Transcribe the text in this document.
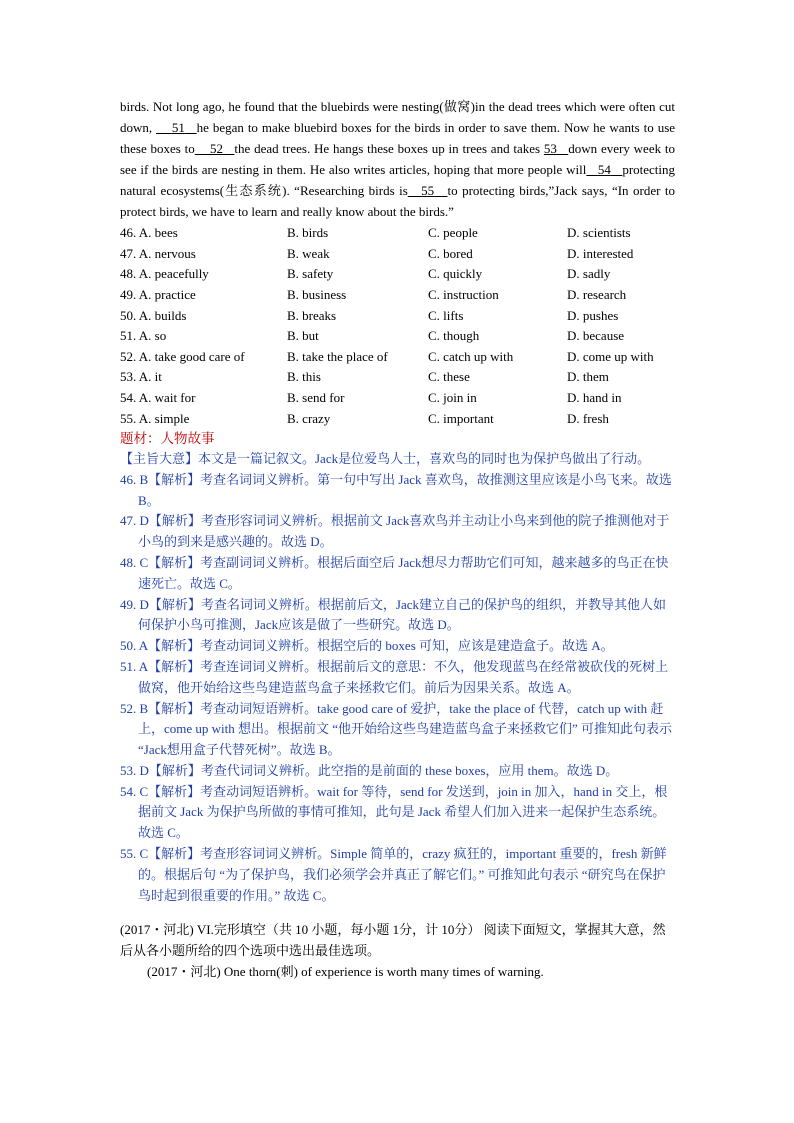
birds. Not long ago, he found that the bluebirds were nesting(做窝)in the dead trees which were often cut down,     51 he began to make bluebird boxes for the birds in order to save them. Now he wants to use these boxes to 52 the dead trees. He hangs these boxes up in trees and takes 53 down every week to see if the birds are nesting in them. He also writes articles, hoping that more people will 54 protecting natural ecosystems(生态系统). “Researching birds is 55 to protecting birds,”Jack says, “In order to protect birds, we have to learn and really know about the birds.”

46. A. bees	B. birds	C. people	D. scientists
47. A. nervous	B. weak	C. bored	D. interested
48. A. peacefully	B. safety	C. quickly	D. sadly
49. A. practice	B. business	C. instruction	D. research
50. A. builds	B. breaks	C. lifts	D. pushes
51. A. so	B. but	C. though	D. because
52. A. take good care of	B. take the place of	C. catch up with	D. come up with
53. A. it	B. this	C. these	D. them
54. A. wait for	B. send for	C. join in	D. hand in
55. A. simple	B. crazy	C. important	D. fresh
题材：人物故事
【主旨大意】本文是一篇记叙文。Jack是位爱鸟人士，喜欢鸟的同时也为保护鸟做出了行动。
46. B【解析】考查名词词义辨析。第一句中写出 Jack 喜欢鸟，故推测这里应该是小鸟飞来。故选 B。
47. D【解析】考查形容词词义辨析。根据前文 Jack喜欢鸟并主动让小鸟来到他的院子推测他对于小鸟的到来是感兴趣的。故选 D。
48. C【解析】考查副词词义辨析。根据后面空后 Jack想尽力帮助它们可知，越来越多的鸟正在快速死亡。故选 C。
49. D【解析】考查名词词义辨析。根据前后文，Jack建立自己的保护鸟的组织，并教导其他人如何保护小鸟可推测，Jack应该是做了一些研究。故选 D。
50. A【解析】考查动词词义辨析。根据空后的 boxes 可知，应该是建造盒子。故选 A。
51. A【解析】考查连词词义辨析。根据前后文的意思：不久，他发现蓝鸟在经常被砍伐的死树上做窝，他开始给这些鸟建造蓝鸟盒子来拯救它们。前后为因果关系。故选 A。
52. B【解析】考查动词短语辨析。take good care of 爱护，take the place of 代替，catch up with 赶上，come up with 想出。根据前文 “他开始给这些鸟建造蓝鸟盒子来拯救它们” 可推知此句表示 “Jack想用盒子代替死树”。故选 B。
53. D【解析】考查代词词义辨析。此空指的是前面的 these boxes，应用 them。故选 D。
54. C【解析】考查动词短语辨析。wait for 等待，send for 发送到，join in 加入，hand in 交上，根据前文 Jack 为保护鸟所做的事情可推知，此句是 Jack 希望人们加入进来一起保护生态系统。故选 C。
55. C【解析】考查形容词词义辨析。Simple 简单的，crazy 疯狂的，important 重要的，fresh 新鲜的。根据后句 “为了保护鸟，我们必须学会并真正了解它们。” 可推知此句表示 “研究鸟在保护鸟时起到很重要的作用。” 故选 C。
(2017・河北) VI.完形填空（共 10 小题，每小题 1分，计 10分） 阅读下面短文，掌握其大意，然后从各小题所给的四个选项中选出最佳选项。
(2017・河北) One thorn(刺) of experience is worth many times of warning.
